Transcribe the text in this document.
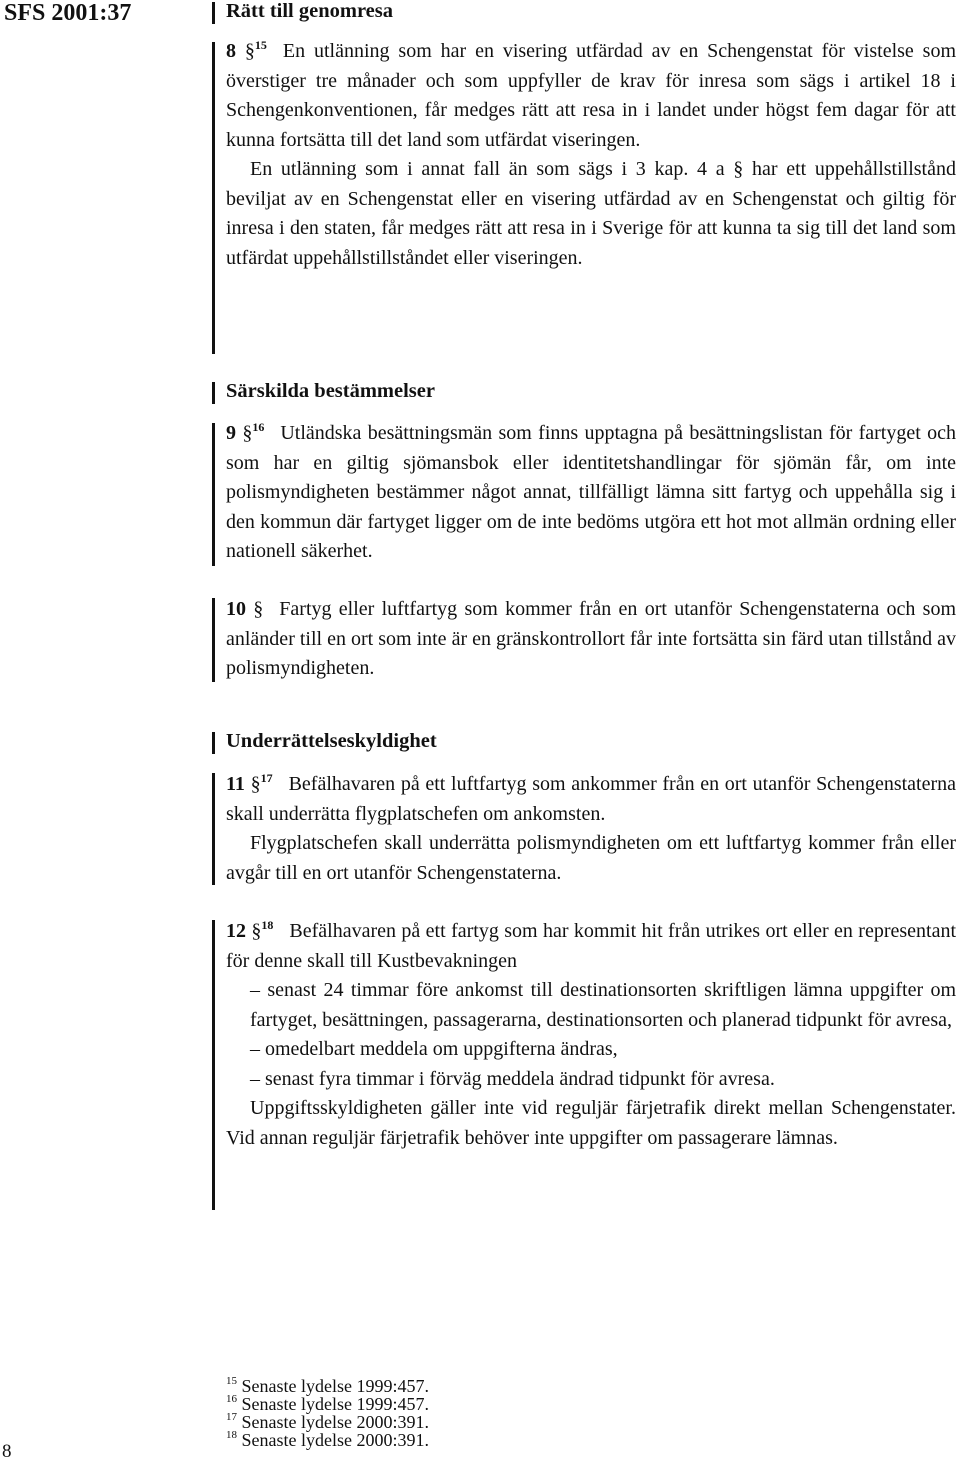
SFS 2001:37	Rätt till genomresa

8 §$^{15}$ En utlänning som har en visering utfärdad av en Schengenstat för vistelse som överstiger tre månader och som uppfyller de krav för inresa som sägs i artikel 18 i Schengenkonventionen, får medges rätt att resa in i landet under högst fem dagar för att kunna fortsätta till det land som utfärdat viseringen.

En utlänning som i annat fall än som sägs i 3 kap. 4 a § har ett uppehållstillstånd beviljat av en Schengenstat eller en visering utfärdad av en Schengenstat och giltig för inresa i den staten, får medges rätt att resa in i Sverige för att kunna ta sig till det land som utfärdat uppehållstillståndet eller viseringen.

Särskilda bestämmelser

9 §$^{16}$ Utländska besättningsmän som finns upptagna på besättningslistan för fartyget och som har en giltig sjömansbok eller identitetshandlingar för sjömän får, om inte polismyndigheten bestämmer något annat, tillfälligt lämna sitt fartyg och uppehålla sig i den kommun där fartyget ligger om de inte bedöms utgöra ett hot mot allmän ordning eller nationell säkerhet.

10 § Fartyg eller luftfartyg som kommer från en ort utanför Schengenstaterna och som anländer till en ort som inte är en gränskontrollort får inte fortsätta sin färd utan tillstånd av polismyndigheten.

Underrättelseskyldighet

11 §$^{17}$ Befälhavaren på ett luftfartyg som ankommer från en ort utanför Schengenstaterna skall underrätta flygplatschefen om ankomsten.

Flygplatschefen skall underrätta polismyndigheten om ett luftfartyg kommer från eller avgår till en ort utanför Schengenstaterna.

12 §$^{18}$ Befälhavaren på ett fartyg som har kommit hit från utrikes ort eller en representant för denne skall till Kustbevakningen

– senast 24 timmar före ankomst till destinationsorten skriftligen lämna uppgifter om fartyget, besättningen, passagerarna, destinationsorten och planerad tidpunkt för avresa,

– omedelbart meddela om uppgifterna ändras,

– senast fyra timmar i förväg meddela ändrad tidpunkt för avresa.

Uppgiftsskyldigheten gäller inte vid reguljär färjetrafik direkt mellan Schengenstater. Vid annan reguljär färjetrafik behöver inte uppgifter om passagerare lämnas.

$^{15}$ Senaste lydelse 1999:457.
$^{16}$ Senaste lydelse 1999:457.
$^{17}$ Senaste lydelse 2000:391.
$^{18}$ Senaste lydelse 2000:391.
8
